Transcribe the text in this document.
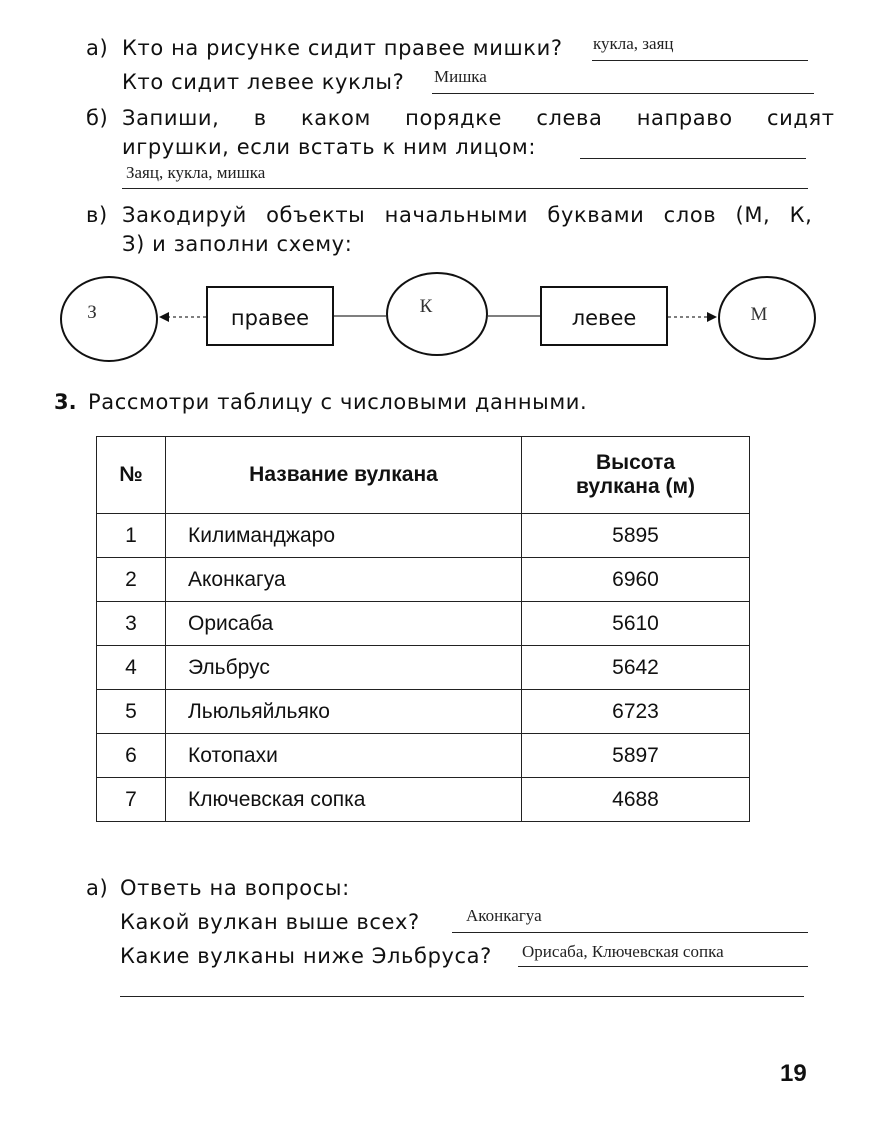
а) Кто на рисунке сидит правее мишки? кукла, заяц
Кто сидит левее куклы? Мишка
б) Запиши, в каком порядке слева направо сидят
игрушки, если встать к ним лицом:
Заяц, кукла, мишка
в) Закодируй объекты начальными буквами слов (М, К,
З) и заполни схему:
З	К	М
правее	левее
3. Рассмотри таблицу с числовыми данными.
№	Название вулкана	Высота
вулкана (м)

1	Килиманджаро	5895
2	Аконкагуа	6960
3	Орисаба	5610
4	Эльбрус	5642
5	Льюльяйльяко	6723
6	Котопахи	5897
7	Ключевская сопка	4688
а) Ответь на вопросы:
Какой вулкан выше всех?	Аконкагуа
Какие вулканы ниже Эльбруса? Орисаба, Ключевская сопка
19
